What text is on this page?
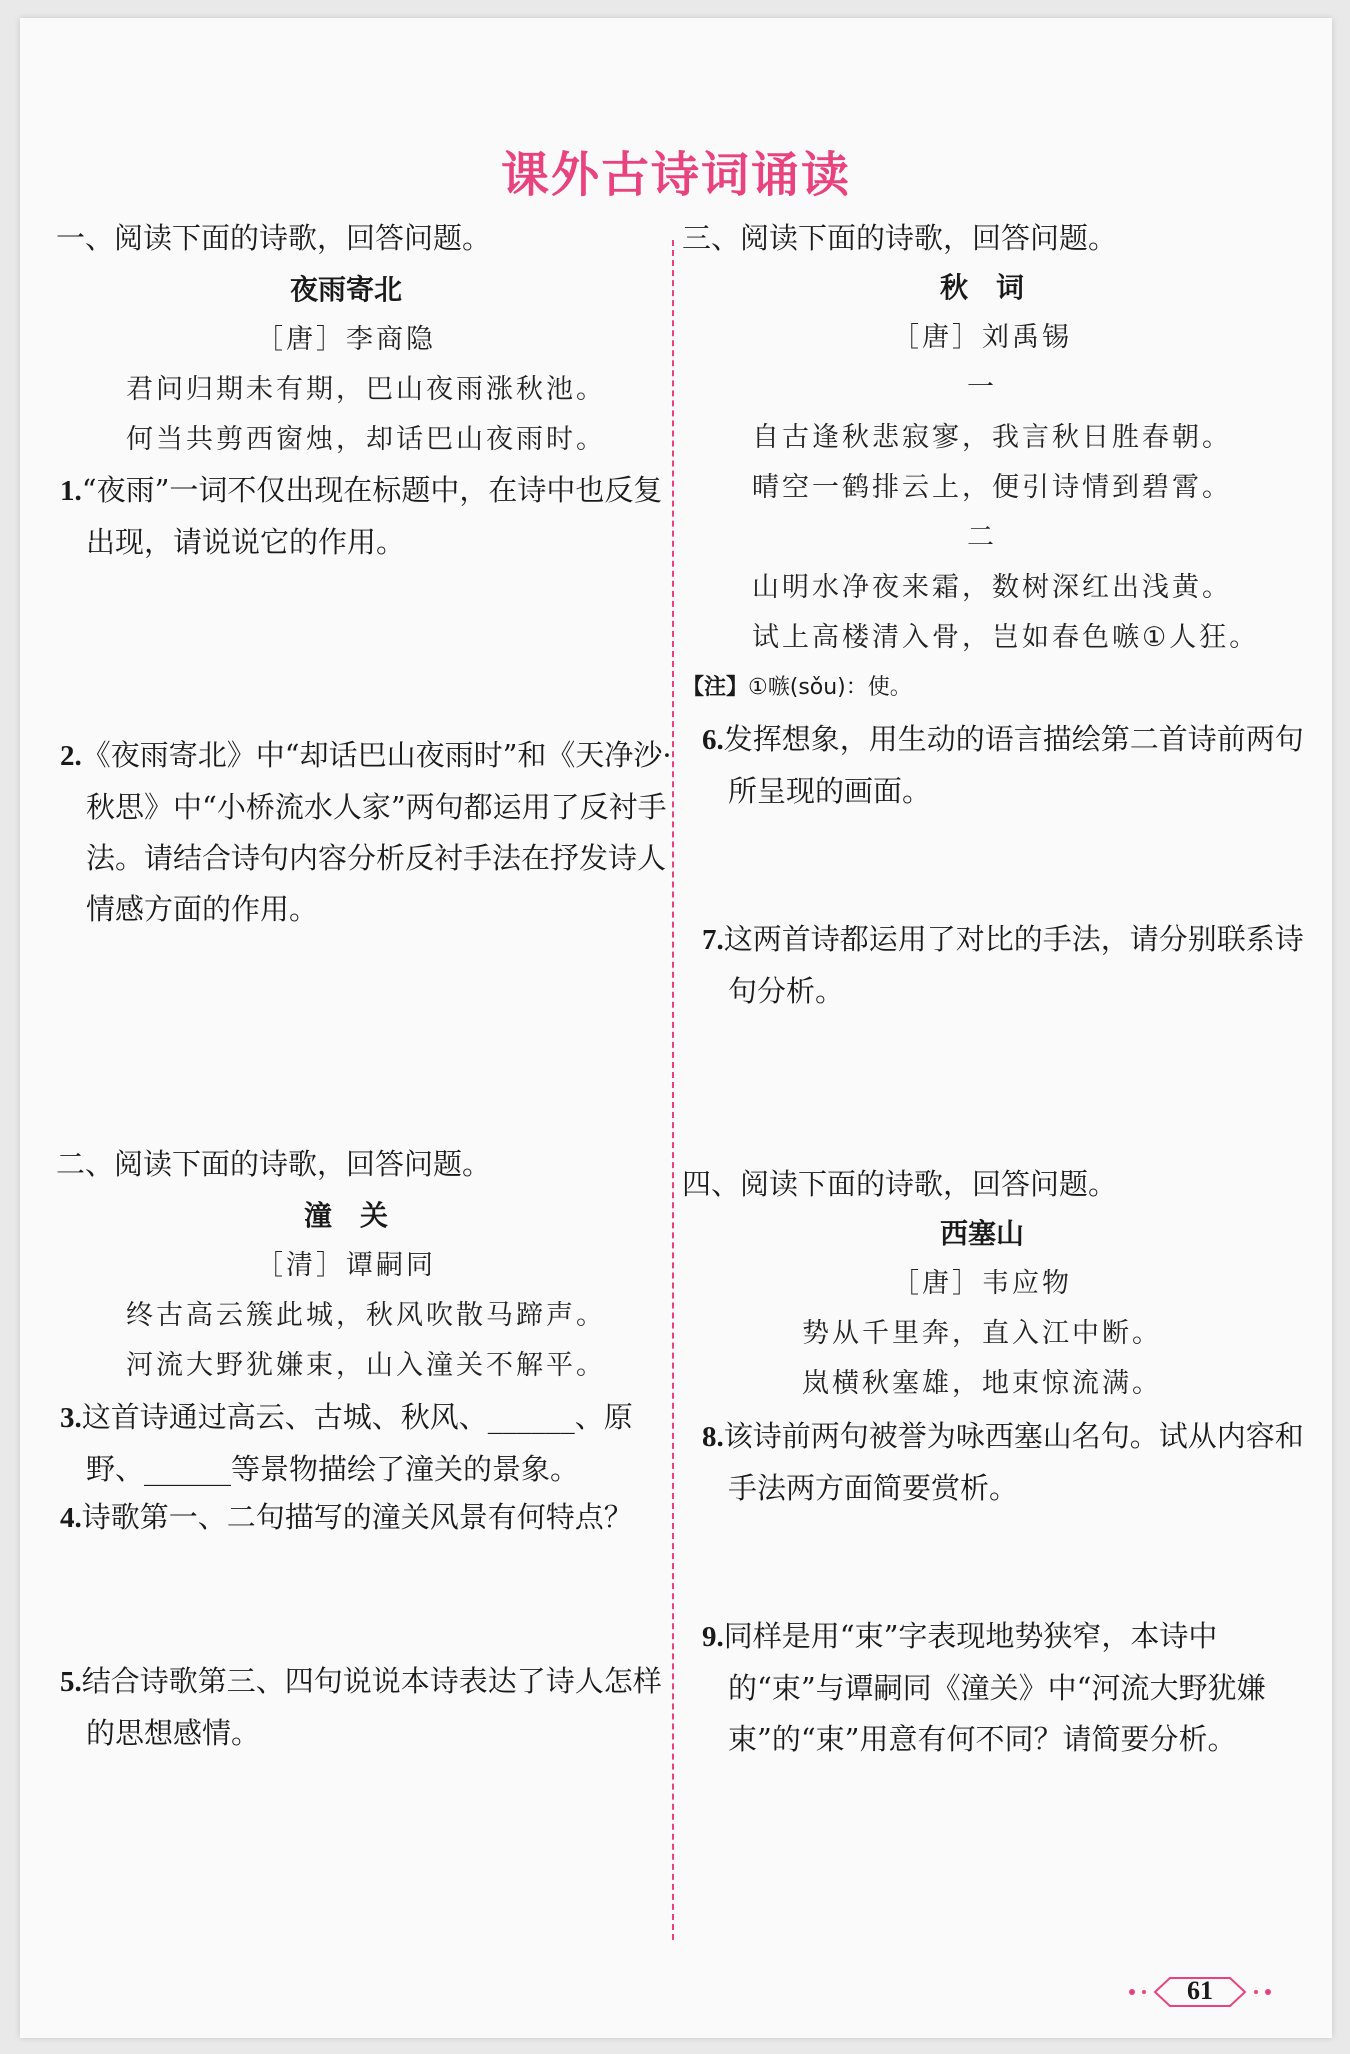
课外古诗词诵读
一、阅读下面的诗歌，回答问题。
夜雨寄北
［唐］李商隐
君问归期未有期，巴山夜雨涨秋池。
何当共剪西窗烛，却话巴山夜雨时。
1.“夜雨”一词不仅出现在标题中，在诗中也反复出现，请说说它的作用。
2.《夜雨寄北》中“却话巴山夜雨时”和《天净沙·秋思》中“小桥流水人家”两句都运用了反衬手法。请结合诗句内容分析反衬手法在抒发诗人情感方面的作用。
二、阅读下面的诗歌，回答问题。
潼　关
［清］谭嗣同
终古高云簇此城，秋风吹散马蹄声。
河流大野犹嫌束，山入潼关不解平。
3.这首诗通过高云、古城、秋风、______、原野、______等景物描绘了潼关的景象。
4.诗歌第一、二句描写的潼关风景有何特点？
5.结合诗歌第三、四句说说本诗表达了诗人怎样的思想感情。
三、阅读下面的诗歌，回答问题。
秋　词
［唐］刘禹锡
一
自古逢秋悲寂寥，我言秋日胜春朝。
晴空一鹤排云上，便引诗情到碧霄。
二
山明水净夜来霜，数树深红出浅黄。
试上高楼清入骨，岂如春色嗾①人狂。
【注】①嗾(sǒu)：使。
6.发挥想象，用生动的语言描绘第二首诗前两句所呈现的画面。
7.这两首诗都运用了对比的手法，请分别联系诗句分析。
四、阅读下面的诗歌，回答问题。
西塞山
［唐］韦应物
势从千里奔，直入江中断。
岚横秋塞雄，地束惊流满。
8.该诗前两句被誉为咏西塞山名句。试从内容和手法两方面简要赏析。
9.同样是用“束”字表现地势狭窄，本诗中的“束”与谭嗣同《潼关》中“河流大野犹嫌束”的“束”用意有何不同？请简要分析。
61
